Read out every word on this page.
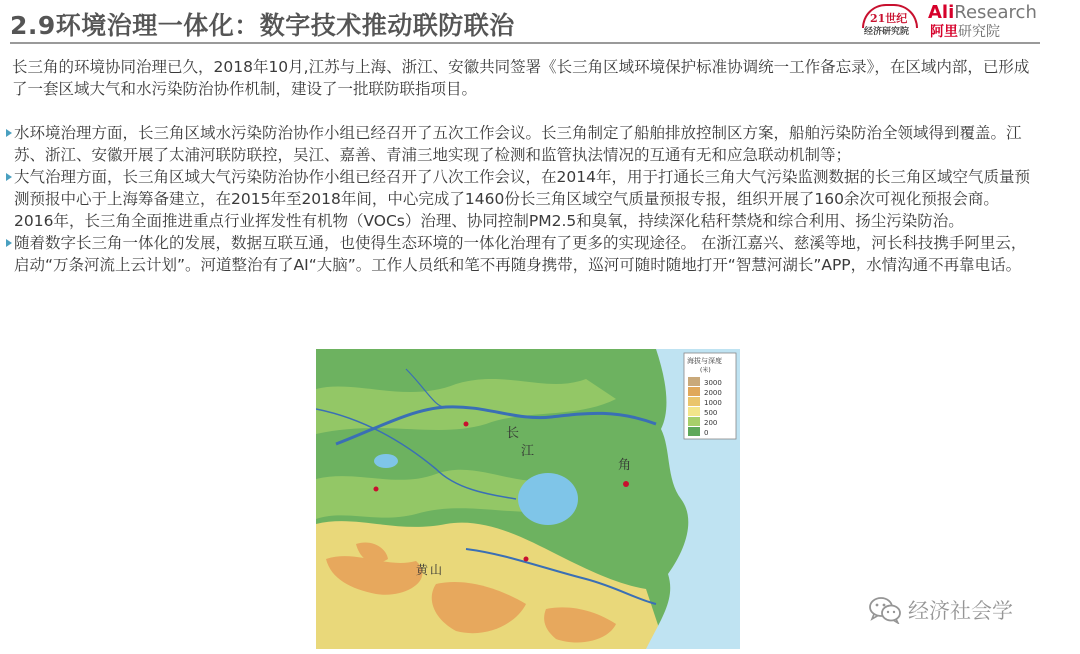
2.9环境治理一体化：数字技术推动联防联治	21世纪
经济研究院
AliResearch
阿里研究院

长三角的环境协同治理已久，2018年10月,江苏与上海、浙江、安徽共同签署《长三角区域环境保护标准协调统一工作备忘录》，在区域内部，已形成了一套区域大气和水污染防治协作机制，建设了一批联防联指项目。

水环境治理方面，长三角区域水污染防治协作小组已经召开了五次工作会议。长三角制定了船舶排放控制区方案，船舶污染防治全领域得到覆盖。江苏、浙江、安徽开展了太浦河联防联控，吴江、嘉善、青浦三地实现了检测和监管执法情况的互通有无和应急联动机制等；
大气治理方面，长三角区域大气污染防治协作小组已经召开了八次工作会议，在2014年，用于打通长三角大气污染监测数据的长三角区域空气质量预测预报中心于上海筹备建立，在2015年至2018年间，中心完成了1460份长三角区域空气质量预报专报，组织开展了160余次可视化预报会商。2016年，长三角全面推进重点行业挥发性有机物（VOCs）治理、协同控制PM2.5和臭氧，持续深化秸秆禁烧和综合利用、扬尘污染防治。
随着数字长三角一体化的发展，数据互联互通，也使得生态环境的一体化治理有了更多的实现途径。 在浙江嘉兴、慈溪等地，河长科技携手阿里云，启动“万条河流上云计划”。河道整治有了AI“大脑”。工作人员纸和笔不再随身携带，巡河可随时随地打开“智慧河湖长”APP，水情沟通不再靠电话。
长
江
角
黄 山
海拔与深度
(米)
3000
2000
1000
500
200
0
经济社会学
